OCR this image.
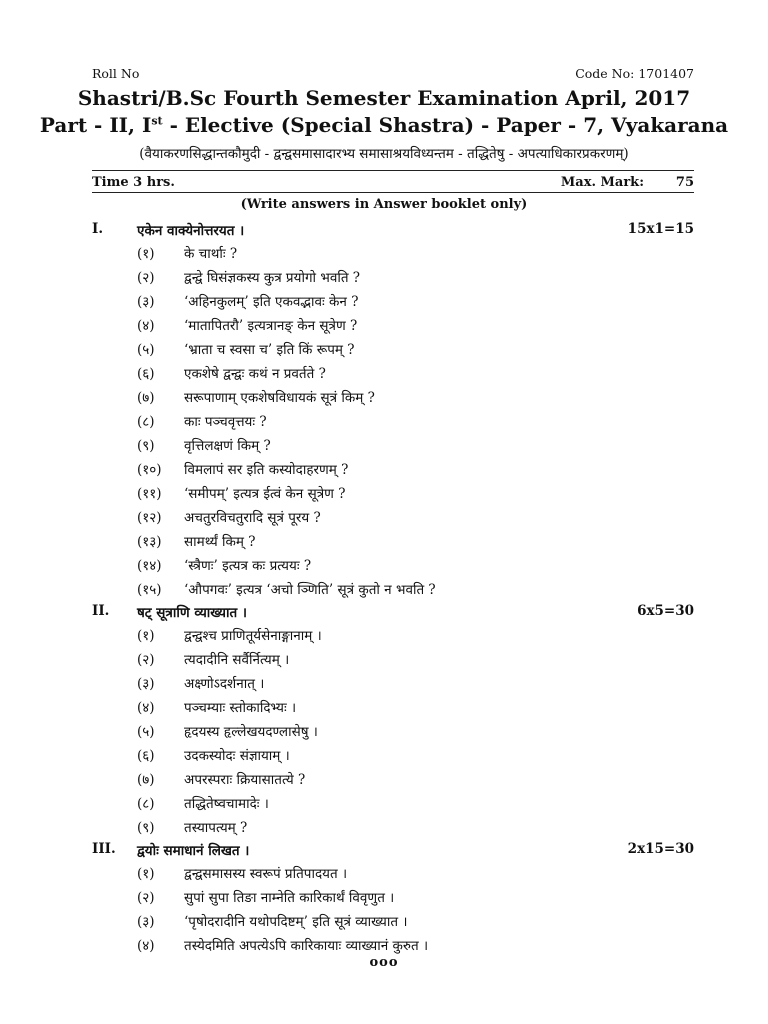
Roll No	Code No: 1701407
Shastri/B.Sc Fourth Semester Examination April, 2017
Part - II, Ist - Elective (Special Shastra) - Paper - 7, Vyakarana
(वैयाकरणसिद्धान्तकौमुदी - द्वन्द्वसमासादारभ्य समासाश्रयविध्यन्तम - तद्धितेषु - अपत्याधिकारप्रकरणम्)
Time 3 hrs.	Max. Mark: 75
(Write answers in Answer booklet only)
I.	एकेन वाक्येनोत्तरयत ।	15x1=15
(१)	के चार्थाः ?
(२)	द्वन्द्वे घिसंज्ञकस्य कुत्र प्रयोगो भवति ?
(३)	‘अहिनकुलम्’ इति एकवद्भावः केन ?
(४)	‘मातापितरौ’ इत्यत्रानङ् केन सूत्रेण ?
(५)	‘भ्राता च स्वसा च’ इति किं रूपम् ?
(६)	एकशेषे द्वन्द्वः कथं न प्रवर्तते ?
(७)	सरूपाणाम् एकशेषविधायकं सूत्रं किम् ?
(८)	काः पञ्चवृत्तयः ?
(९)	वृत्तिलक्षणं किम् ?
(१०)	विमलापं सर इति कस्योदाहरणम् ?
(११)	‘समीपम्’ इत्यत्र ईत्वं केन सूत्रेण ?
(१२)	अचतुरविचतुरादि सूत्रं पूरय ?
(१३)	सामर्थ्यं किम् ?
(१४)	‘स्त्रैणः’ इत्यत्र कः प्रत्ययः ?
(१५)	‘औपगवः’ इत्यत्र ‘अचो ञ्णिति’ सूत्रं कुतो न भवति ?
II. षट् सूत्राणि व्याख्यात ।	6x5=30
(१)	द्वन्द्वश्च प्राणितूर्यसेनाङ्गानाम् ।
(२)	त्यदादीनि सर्वैर्नित्यम् ।
(३)	अक्ष्णोऽदर्शनात् ।
(४)	पञ्चम्याः स्तोकादिभ्यः ।
(५)	हृदयस्य हृल्लेखयदण्लासेषु ।
(६)	उदकस्योदः संज्ञायाम् ।
(७)	अपरस्पराः क्रियासातत्ये ?
(८)	तद्धितेष्वचामादेः ।
(९)	तस्यापत्यम् ?
III. द्वयोः समाधानं लिखत ।	2x15=30
(१)	द्वन्द्वसमासस्य स्वरूपं प्रतिपादयत ।
(२)	सुपां सुपा तिङा नाम्नेति कारिकार्थं विवृणुत ।
(३)	‘पृषोदरादीनि यथोपदिष्टम्’ इति सूत्रं व्याख्यात ।
(४)	तस्येदमिति अपत्येऽपि कारिकायाः व्याख्यानं कुरुत ।
ooo
